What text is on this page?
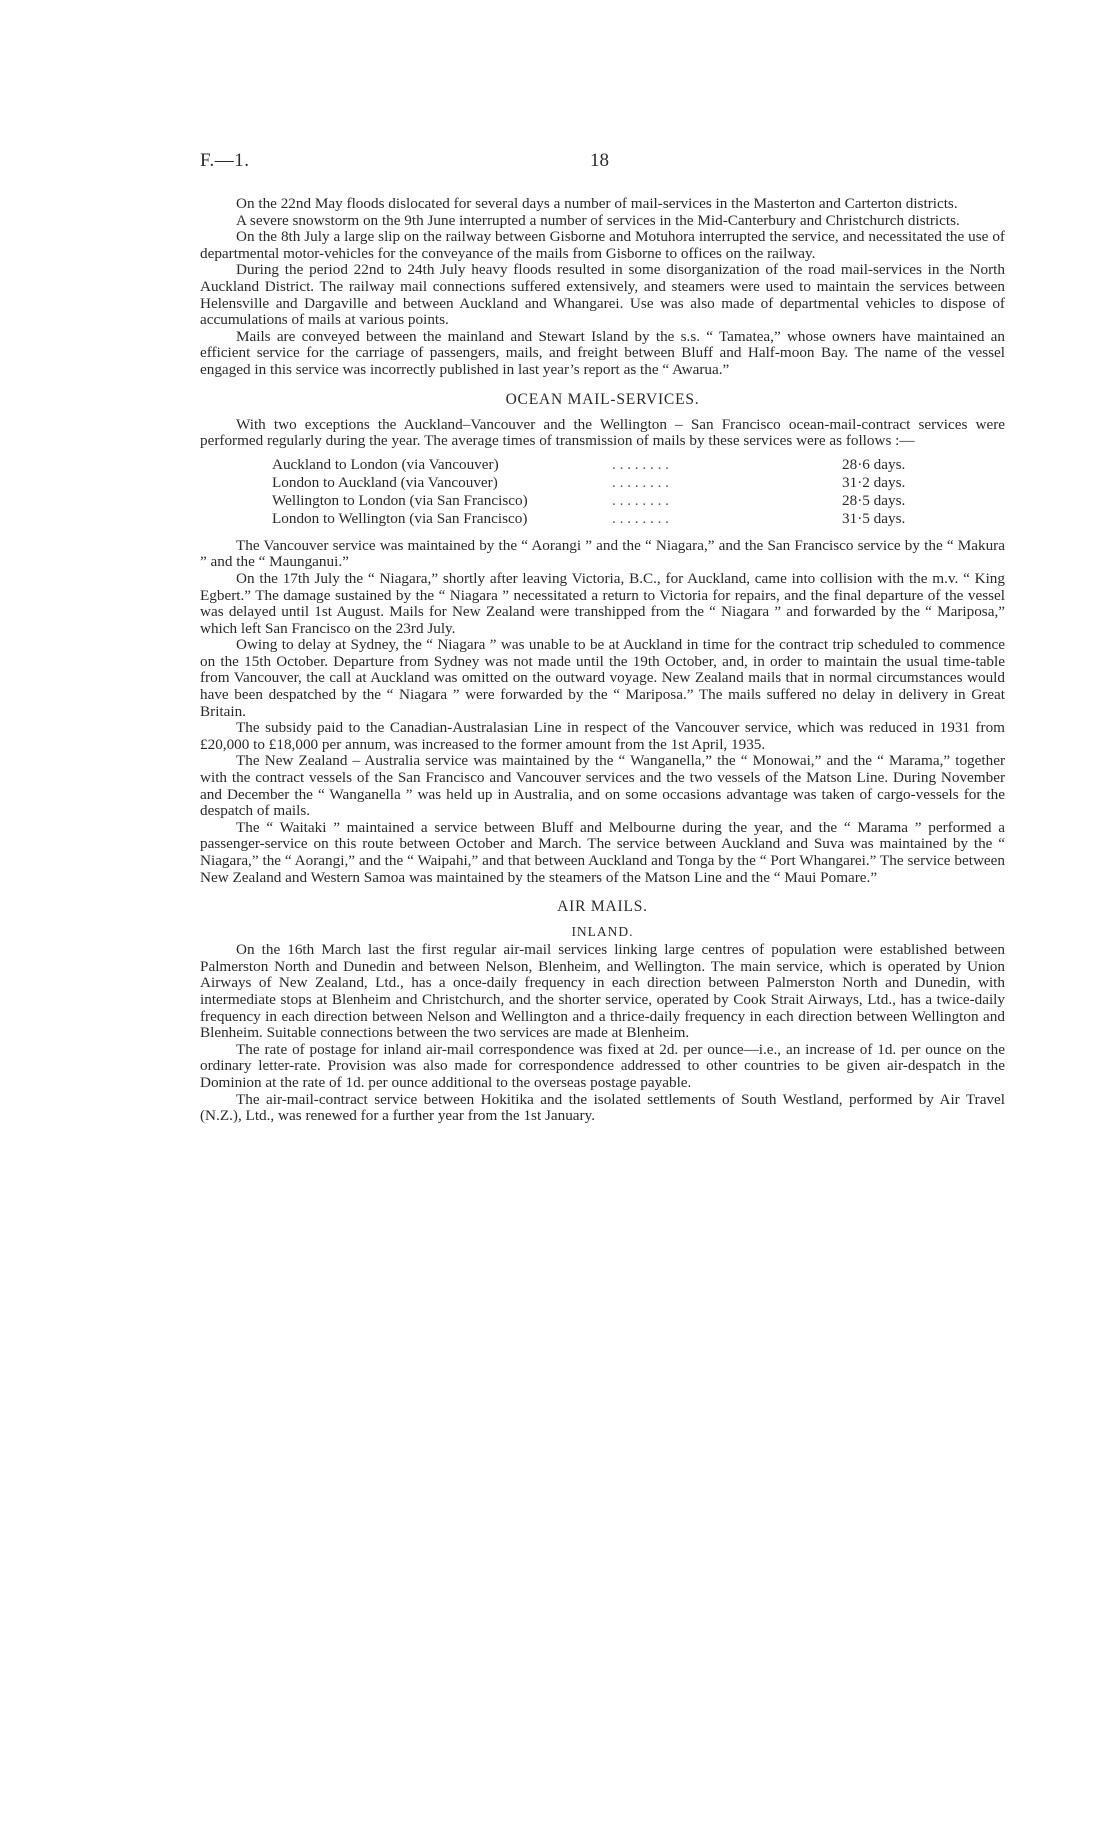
F.—1.	18

On the 22nd May floods dislocated for several days a number of mail-services in the Masterton and Carterton districts.

A severe snowstorm on the 9th June interrupted a number of services in the Mid-Canterbury and Christchurch districts.

On the 8th July a large slip on the railway between Gisborne and Motuhora interrupted the service, and necessitated the use of departmental motor-vehicles for the conveyance of the mails from Gisborne to offices on the railway.

During the period 22nd to 24th July heavy floods resulted in some disorganization of the road mail-services in the North Auckland District. The railway mail connections suffered extensively, and steamers were used to maintain the services between Helensville and Dargaville and between Auckland and Whangarei. Use was also made of departmental vehicles to dispose of accumulations of mails at various points.

Mails are conveyed between the mainland and Stewart Island by the s.s. “ Tamatea,” whose owners have maintained an efficient service for the carriage of passengers, mails, and freight between Bluff and Half-moon Bay. The name of the vessel engaged in this service was incorrectly published in last year’s report as the “ Awarua.”

OCEAN MAIL-SERVICES.

With two exceptions the Auckland–Vancouver and the Wellington – San Francisco ocean-mail-contract services were performed regularly during the year. The average times of transmission of mails by these services were as follows :—

Auckland to London (via Vancouver)	. . . . . . . .	28·6 days.
London to Auckland (via Vancouver)	. . . . . . . .	31·2 days.
Wellington to London (via San Francisco)	. . . . . . . .	28·5 days.
London to Wellington (via San Francisco)	. . . . . . . .	31·5 days.

The Vancouver service was maintained by the “ Aorangi ” and the “ Niagara,” and the San Francisco service by the “ Makura ” and the “ Maunganui.”

On the 17th July the “ Niagara,” shortly after leaving Victoria, B.C., for Auckland, came into collision with the m.v. “ King Egbert.” The damage sustained by the “ Niagara ” necessitated a return to Victoria for repairs, and the final departure of the vessel was delayed until 1st August. Mails for New Zealand were transhipped from the “ Niagara ” and forwarded by the “ Mariposa,” which left San Francisco on the 23rd July.

Owing to delay at Sydney, the “ Niagara ” was unable to be at Auckland in time for the contract trip scheduled to commence on the 15th October. Departure from Sydney was not made until the 19th October, and, in order to maintain the usual time-table from Vancouver, the call at Auckland was omitted on the outward voyage. New Zealand mails that in normal circumstances would have been despatched by the “ Niagara ” were forwarded by the “ Mariposa.” The mails suffered no delay in delivery in Great Britain.

The subsidy paid to the Canadian-Australasian Line in respect of the Vancouver service, which was reduced in 1931 from £20,000 to £18,000 per annum, was increased to the former amount from the 1st April, 1935.

The New Zealand – Australia service was maintained by the “ Wanganella,” the “ Monowai,” and the “ Marama,” together with the contract vessels of the San Francisco and Vancouver services and the two vessels of the Matson Line. During November and December the “ Wanganella ” was held up in Australia, and on some occasions advantage was taken of cargo-vessels for the despatch of mails.

The “ Waitaki ” maintained a service between Bluff and Melbourne during the year, and the “ Marama ” performed a passenger-service on this route between October and March. The service between Auckland and Suva was maintained by the “ Niagara,” the “ Aorangi,” and the “ Waipahi,” and that between Auckland and Tonga by the “ Port Whangarei.” The service between New Zealand and Western Samoa was maintained by the steamers of the Matson Line and the “ Maui Pomare.”

AIR MAILS.
INLAND.

On the 16th March last the first regular air-mail services linking large centres of population were established between Palmerston North and Dunedin and between Nelson, Blenheim, and Wellington. The main service, which is operated by Union Airways of New Zealand, Ltd., has a once-daily frequency in each direction between Palmerston North and Dunedin, with intermediate stops at Blenheim and Christchurch, and the shorter service, operated by Cook Strait Airways, Ltd., has a twice-daily frequency in each direction between Nelson and Wellington and a thrice-daily frequency in each direction between Wellington and Blenheim. Suitable connections between the two services are made at Blenheim.

The rate of postage for inland air-mail correspondence was fixed at 2d. per ounce—i.e., an increase of 1d. per ounce on the ordinary letter-rate. Provision was also made for correspondence addressed to other countries to be given air-despatch in the Dominion at the rate of 1d. per ounce additional to the overseas postage payable.

The air-mail-contract service between Hokitika and the isolated settlements of South Westland, performed by Air Travel (N.Z.), Ltd., was renewed for a further year from the 1st January.
